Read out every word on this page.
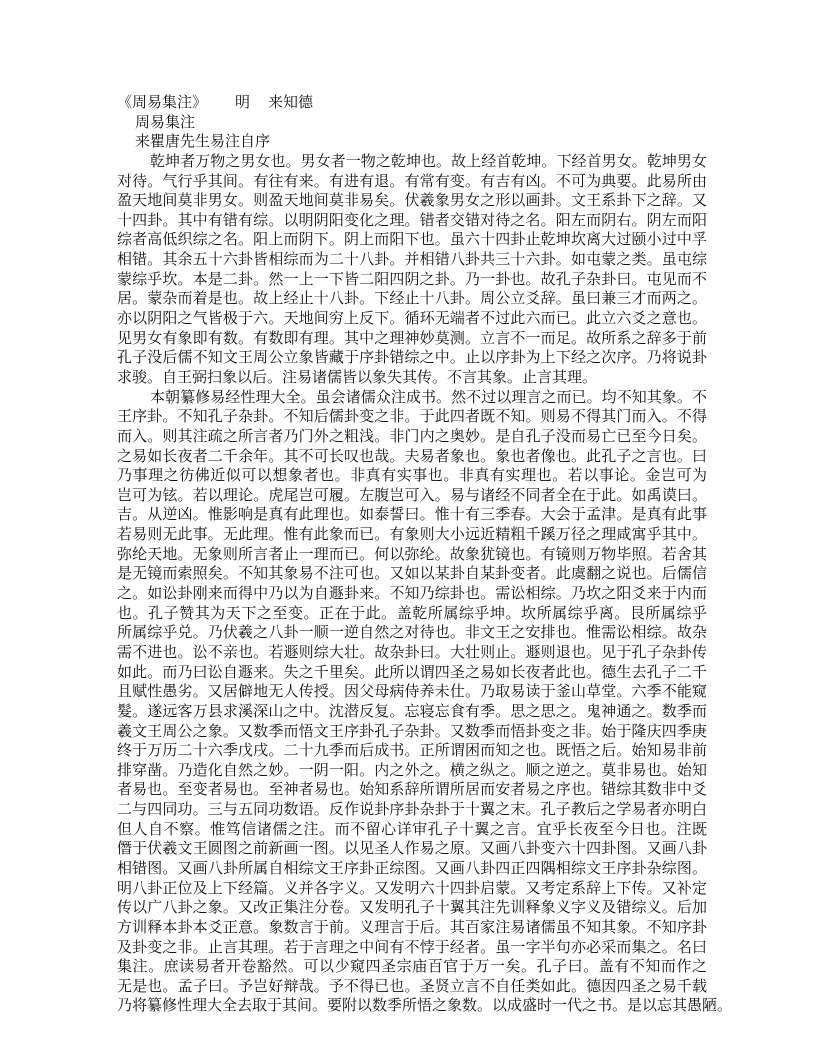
《周易集注》 明 来知德
周易集注
来瞿唐先生易注自序
乾坤者万物之男女也。男女者一物之乾坤也。故上经首乾坤。下经首男女。乾坤男女
对待。气行乎其间。有往有来。有进有退。有常有变。有吉有凶。不可为典要。此易所由
盈天地间莫非男女。则盈天地间莫非易矣。伏羲象男女之形以画卦。文王系卦下之辞。又
十四卦。其中有错有综。以明阴阳变化之理。错者交错对待之名。阳左而阴右。阴左而阳
综者高低织综之名。阳上而阴下。阴上而阳下也。虽六十四卦止乾坤坎离大过颐小过中孚
相错。其余五十六卦皆相综而为二十八卦。并相错八卦共三十六卦。如屯蒙之类。虽屯综
蒙综乎坎。本是二卦。然一上一下皆二阳四阴之卦。乃一卦也。故孔子杂卦曰。屯见而不
居。蒙杂而着是也。故上经止十八卦。下经止十八卦。周公立爻辞。虽曰兼三才而两之。
亦以阴阳之气皆极于六。天地间穷上反下。循环无端者不过此六而已。此立六爻之意也。
见男女有象即有数。有数即有理。其中之理神妙莫测。立言不一而足。故所系之辞多于前
孔子没后儒不知文王周公立象皆藏于序卦错综之中。止以序卦为上下经之次序。乃将说卦
求骏。自王弼扫象以后。注易诸儒皆以象失其传。不言其象。止言其理。
本朝纂修易经性理大全。虽会诸儒众注成书。然不过以理言之而已。均不知其象。不
王序卦。不知孔子杂卦。不知后儒卦变之非。于此四者既不知。则易不得其门而入。不得
而入。则其注疏之所言者乃门外之粗浅。非门内之奥妙。是自孔子没而易亡已至今日矣。
之易如长夜者二千余年。其不可长叹也哉。夫易者象也。象也者像也。此孔子之言也。曰
乃事理之彷佛近似可以想象者也。非真有实事也。非真有实理也。若以事论。金岂可为
岂可为铉。若以理论。虎尾岂可履。左腹岂可入。易与诸经不同者全在于此。如禹谟曰。
吉。从逆凶。惟影响是真有此理也。如泰誓曰。惟十有三季春。大会于孟津。是真有此事
若易则无此事。无此理。惟有此象而已。有象则大小远近精粗千蹊万径之理咸寓乎其中。
弥纶天地。无象则所言者止一理而已。何以弥纶。故象犹镜也。有镜则万物毕照。若舍其
是无镜而索照矣。不知其象易不注可也。又如以某卦自某卦变者。此虞翻之说也。后儒信
之。如讼卦刚来而得中乃以为自遯卦来。不知乃综卦也。需讼相综。乃坎之阳爻来于内而
也。孔子赞其为天下之至变。正在于此。盖乾所属综乎坤。坎所属综乎离。艮所属综乎
所属综乎兑。乃伏羲之八卦一顺一逆自然之对待也。非文王之安排也。惟需讼相综。故杂
需不进也。讼不亲也。若遯则综大壮。故杂卦曰。大壮则止。遯则退也。见于孔子杂卦传
如此。而乃曰讼自遯来。失之千里矣。此所以谓四圣之易如长夜者此也。德生去孔子二千
且赋性愚劣。又居僻地无人传授。因父母病侍养未仕。乃取易读于釜山草堂。六季不能窥
髮。遂远客万县求溪深山之中。沈潜反复。忘寝忘食有季。思之思之。鬼神通之。数季而
羲文王周公之象。又数季而悟文王序卦孔子杂卦。又数季而悟卦变之非。始于隆庆四季庚
终于万历二十六季戊戌。二十九季而后成书。正所谓困而知之也。既悟之后。始知易非前
排穿凿。乃造化自然之妙。一阴一阳。内之外之。横之纵之。顺之逆之。莫非易也。始知
者易也。至变者易也。至神者易也。始知系辞所谓所居而安者易之序也。错综其数非中爻
二与四同功。三与五同功数语。反作说卦序卦杂卦于十翼之末。孔子教后之学易者亦明白
但人自不察。惟笃信诸儒之注。而不留心详审孔子十翼之言。宜乎长夜至今日也。注既
僭于伏羲文王圆图之前新画一图。以见圣人作易之原。又画八卦变六十四卦图。又画八卦
相错图。又画八卦所属自相综文王序卦正综图。又画八卦四正四隅相综文王序卦杂综图。
明八卦正位及上下经篇。义并各字义。又发明六十四卦启蒙。又考定系辞上下传。又补定
传以广八卦之象。又改正集注分卷。又发明孔子十翼其注先训释象义字义及错综义。后加
方训释本卦本爻正意。象数言于前。义理言于后。其百家注易诸儒虽不知其象。不知序卦
及卦变之非。止言其理。若于言理之中间有不悖于经者。虽一字半句亦必采而集之。名曰
集注。庶读易者开卷豁然。可以少窥四圣宗庙百官于万一矣。孔子曰。盖有不知而作之
无是也。孟子曰。予岂好辩哉。予不得已也。圣贤立言不自任类如此。德因四圣之易千载
乃将纂修性理大全去取于其间。要附以数季所悟之象数。以成盛时一代之书。是以忘其愚陋。
